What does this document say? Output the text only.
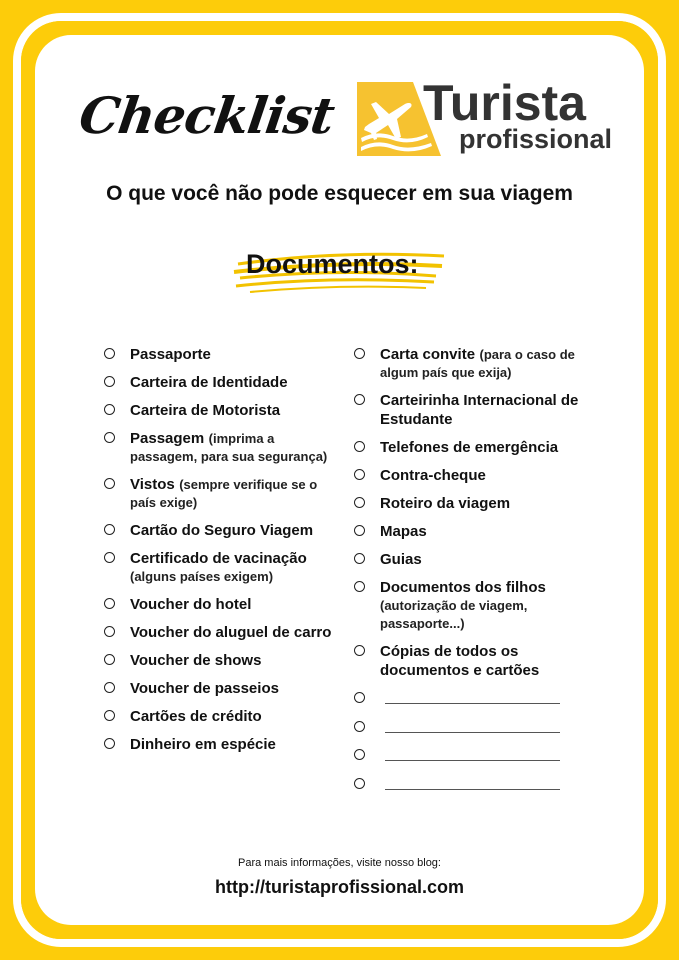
Checklist Turista
profissional
O que você não pode esquecer em sua viagem
Documentos:
Passaporte
Carteira de Identidade
Carteira de Motorista
Passagem (imprima a passagem, para sua segurança)
Vistos (sempre verifique se o país exige)
Cartão do Seguro Viagem
Certificado de vacinação
(alguns países exigem)
Voucher do hotel
Voucher do aluguel de carro
Voucher de shows
Voucher de passeios
Cartões de crédito
Dinheiro em espécie
Carta convite (para o caso de algum país que exija)
Carteirinha Internacional de Estudante
Telefones de emergência
Contra-cheque
Roteiro da viagem
Mapas
Guias
Documentos dos filhos
(autorização de viagem, passaporte...)
Cópias de todos os documentos e cartões
Para mais informações, visite nosso blog:
http://turistaprofissional.com
